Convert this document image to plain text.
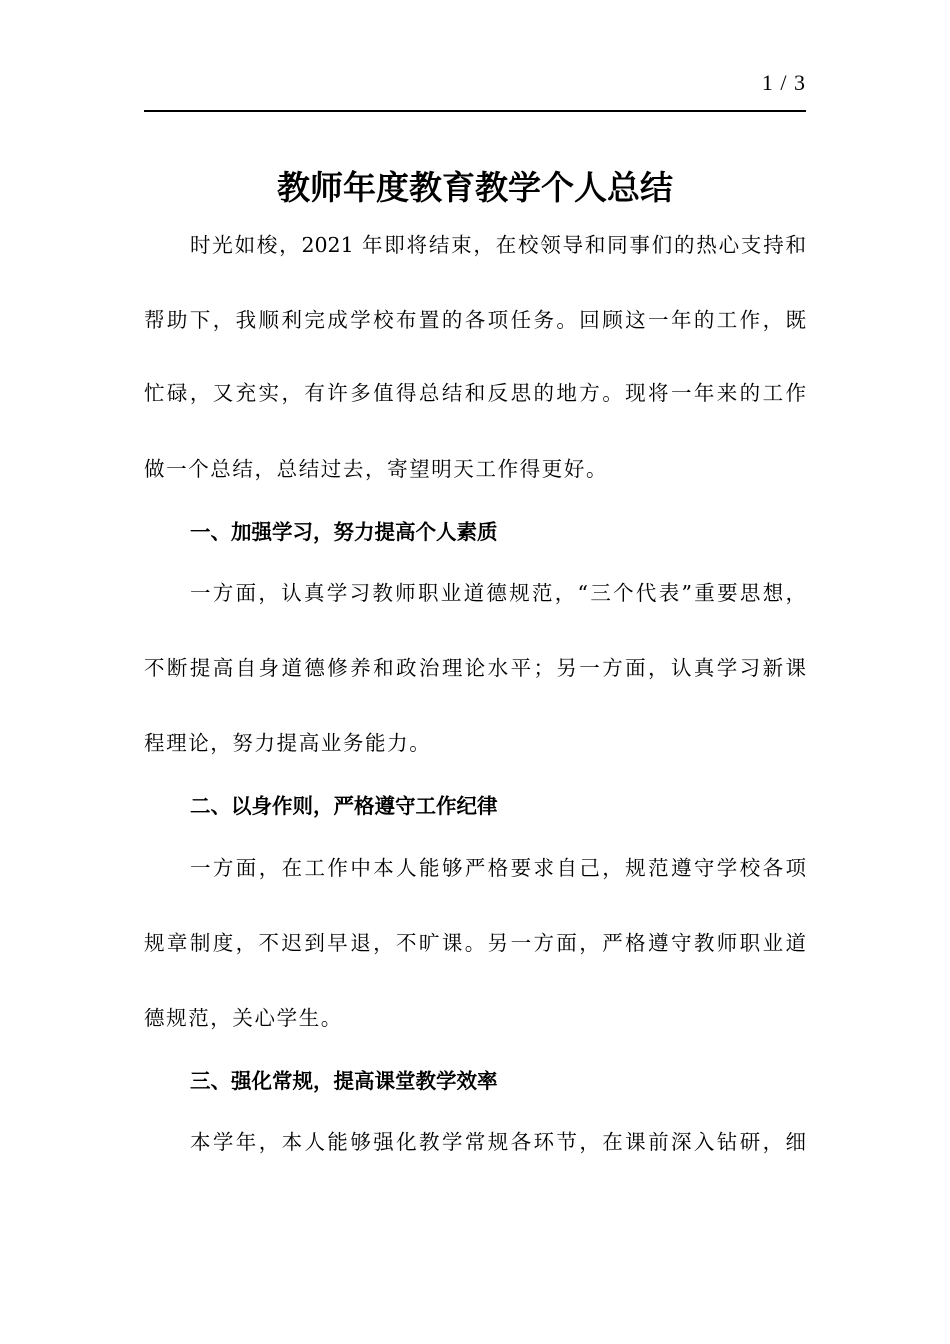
1 / 3
教师年度教育教学个人总结

时光如梭，2021 年即将结束，在校领导和同事们的热心支持和

帮助下，我顺利完成学校布置的各项任务。回顾这一年的工作，既

忙碌，又充实，有许多值得总结和反思的地方。现将一年来的工作

做一个总结，总结过去，寄望明天工作得更好。

一、加强学习，努力提高个人素质

一方面，认真学习教师职业道德规范，“三个代表”重要思想，

不断提高自身道德修养和政治理论水平；另一方面，认真学习新课

程理论，努力提高业务能力。

二、以身作则，严格遵守工作纪律

一方面，在工作中本人能够严格要求自己，规范遵守学校各项

规章制度，不迟到早退，不旷课。另一方面，严格遵守教师职业道

德规范，关心学生。

三、强化常规，提高课堂教学效率

本学年，本人能够强化教学常规各环节，在课前深入钻研，细
